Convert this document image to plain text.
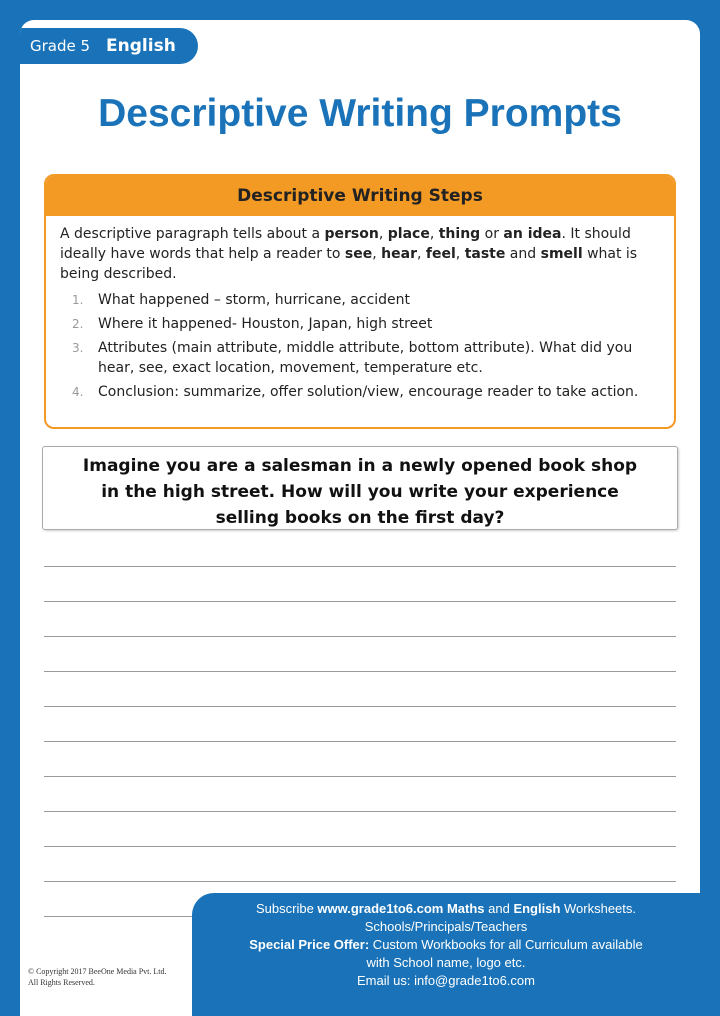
Grade 5 English
Descriptive Writing Prompts
Descriptive Writing Steps

A descriptive paragraph tells about a person, place, thing or an idea. It should ideally have words that help a reader to see, hear, feel, taste and smell what is being described.

1.	What happened – storm, hurricane, accident
2.	Where it happened- Houston, Japan, high street
3.	Attributes (main attribute, middle attribute, bottom attribute). What did you hear, see, exact location, movement, temperature etc.
4.	Conclusion: summarize, offer solution/view, encourage reader to take action.
Imagine you are a salesman in a newly opened book shop
in the high street. How will you write your experience
selling books on the first day?
Subscribe www.grade1to6.com Maths and English Worksheets.
Schools/Principals/Teachers
Special Price Offer: Custom Workbooks for all Curriculum available
with School name, logo etc.
Email us: info@grade1to6.com
© Copyright 2017 BeeOne Media Pvt. Ltd.
All Rights Reserved.
